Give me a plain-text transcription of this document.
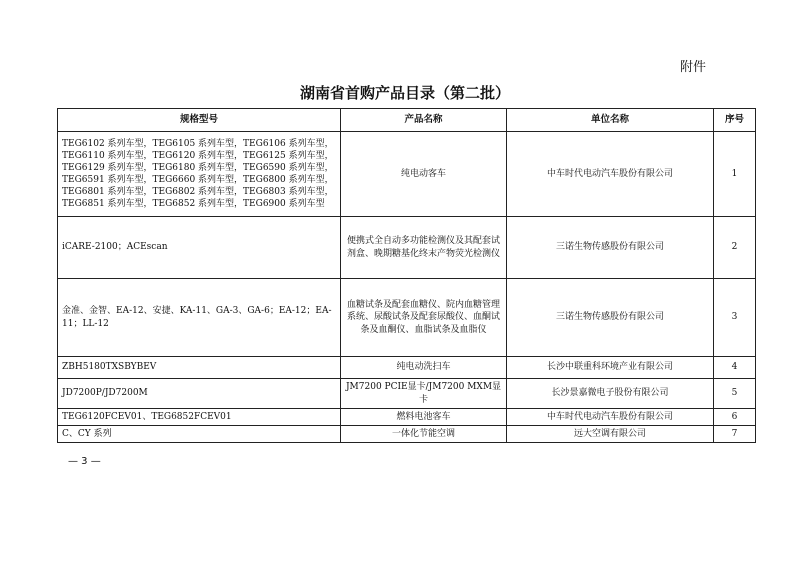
附件
湖南省首购产品目录（第二批）
规格型号	产品名称	单位名称	序号
TEG6102 系列车型，TEG6105 系列车型，TEG6106 系列车型，TEG6110 系列车型，TEG6120 系列车型，TEG6125 系列车型，TEG6129 系列车型，TEG6180 系列车型，TEG6590 系列车型，TEG6591 系列车型，TEG6660 系列车型，TEG6800 系列车型，TEG6801 系列车型，TEG6802 系列车型，TEG6803 系列车型，TEG6851 系列车型，TEG6852 系列车型，TEG6900 系列车型	纯电动客车	中车时代电动汽车股份有限公司	1
iCARE-2100；ACEscan	便携式全自动多功能检测仪及其配套试剂盒、晚期糖基化终末产物荧光检测仪	三诺生物传感股份有限公司	2
金准、金智、EA-12、安捷、KA-11、GA-3、GA-6；EA-12；EA-11；LL-12	血糖试条及配套血糖仪、院内血糖管理系统、尿酸试条及配套尿酸仪、血酮试条及血酮仪、血脂试条及血脂仪	三诺生物传感股份有限公司	3
ZBH5180TXSBYBEV	纯电动洗扫车	长沙中联重科环境产业有限公司	4
JD7200P/JD7200M	JM7200 PCIE显卡/JM7200 MXM显卡	长沙景嘉微电子股份有限公司	5
TEG6120FCEV01、TEG6852FCEV01	燃料电池客车	中车时代电动汽车股份有限公司	6
C、CY 系列	一体化节能空调	远大空调有限公司	7
— 3 —
